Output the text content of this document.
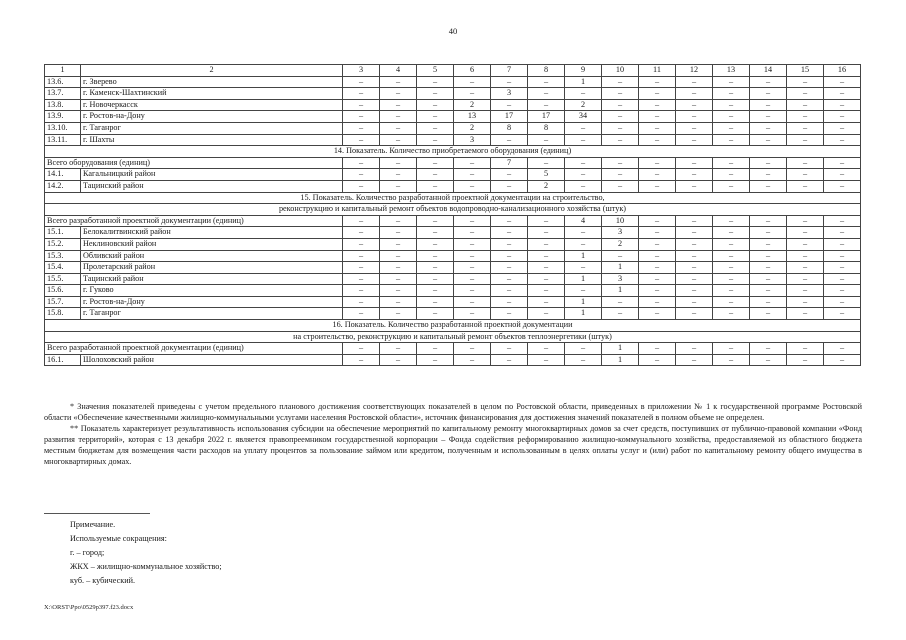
40
1	2	3	4	5	6	7	8	9	10	11	12	13	14	15	16
13.6.	г. Зверево	–	–	–	–	–	–	1	–	–	–	–	–	–	–
13.7.	г. Каменск-Шахтинский	–	–	–	–	3	–	–	–	–	–	–	–	–	–
13.8.	г. Новочеркасск	–	–	–	2	–	–	2	–	–	–	–	–	–	–
13.9.	г. Ростов-на-Дону	–	–	–	13	17	17	34	–	–	–	–	–	–	–
13.10.	г. Таганрог	–	–	–	2	8	8	–	–	–	–	–	–	–	–
13.11.	г. Шахты	–	–	–	3	–	–	–	–	–	–	–	–	–	–
14. Показатель. Количество приобретаемого оборудования (единиц)															
Всего оборудования (единиц)		–	–	–	–	7	–	–	–	–	–	–	–	–	–
14.1.	Кагальницкий район	–	–	–	–	–	5	–	–	–	–	–	–	–	–
14.2.	Тацинский район	–	–	–	–	–	2	–	–	–	–	–	–	–	–
15. Показатель. Количество разработанной проектной документации на строительство,															
реконструкцию и капитальный ремонт объектов водопроводно-канализационного хозяйства (штук)															
Всего разработанной проектной документации (единиц)		–	–	–	–	–	–	4	10	–	–	–	–	–	–
15.1.	Белокалитвинский район	–	–	–	–	–	–	–	3	–	–	–	–	–	–
15.2.	Неклиновский район	–	–	–	–	–	–	–	2	–	–	–	–	–	–
15.3.	Обливский район	–	–	–	–	–	–	1	–	–	–	–	–	–	–
15.4.	Пролетарский район	–	–	–	–	–	–	–	1	–	–	–	–	–	–
15.5.	Тацинский район	–	–	–	–	–	–	1	3	–	–	–	–	–	–
15.6.	г. Гуково	–	–	–	–	–	–	–	1	–	–	–	–	–	–
15.7.	г. Ростов-на-Дону	–	–	–	–	–	–	1	–	–	–	–	–	–	–
15.8.	г. Таганрог	–	–	–	–	–	–	1	–	–	–	–	–	–	–
16. Показатель. Количество разработанной проектной документации															
на строительство, реконструкцию и капитальный ремонт объектов теплоэнергетики (штук)															
Всего разработанной проектной документации (единиц)		–	–	–	–	–	–	–	1	–	–	–	–	–	–
16.1.	Шолоховский район	–	–	–	–	–	–	–	1	–	–	–	–	–	–

* Значения показателей приведены с учетом предельного планового достижения соответствующих показателей в целом по Ростовской области, приведенных в приложении № 1 к государственной программе Ростовской области «Обеспечение качественными жилищно-коммунальными услугами населения Ростовской области», источник финансирования для достижения значений показателей в полном объеме не определен.

** Показатель характеризует результативность использования субсидии на обеспечение мероприятий по капитальному ремонту многоквартирных домов за счет средств, поступивших от публично-правовой компании «Фонд развития территорий», которая с 13 декабря 2022 г. является правопреемником государственной корпорации – Фонда содействия реформированию жилищно-коммунального хозяйства, предоставляемой из областного бюджета местным бюджетам для возмещения части расходов на уплату процентов за пользование займом или кредитом, полученным и использованным в целях оплаты услуг и (или) работ по капитальному ремонту общего имущества в многоквартирных домах.

Примечание.
Используемые сокращения:
г. – город;
ЖКХ – жилищно-коммунальное хозяйство;
куб. – кубический.
X:\ORST\Ppo\0529p397.f23.docx
